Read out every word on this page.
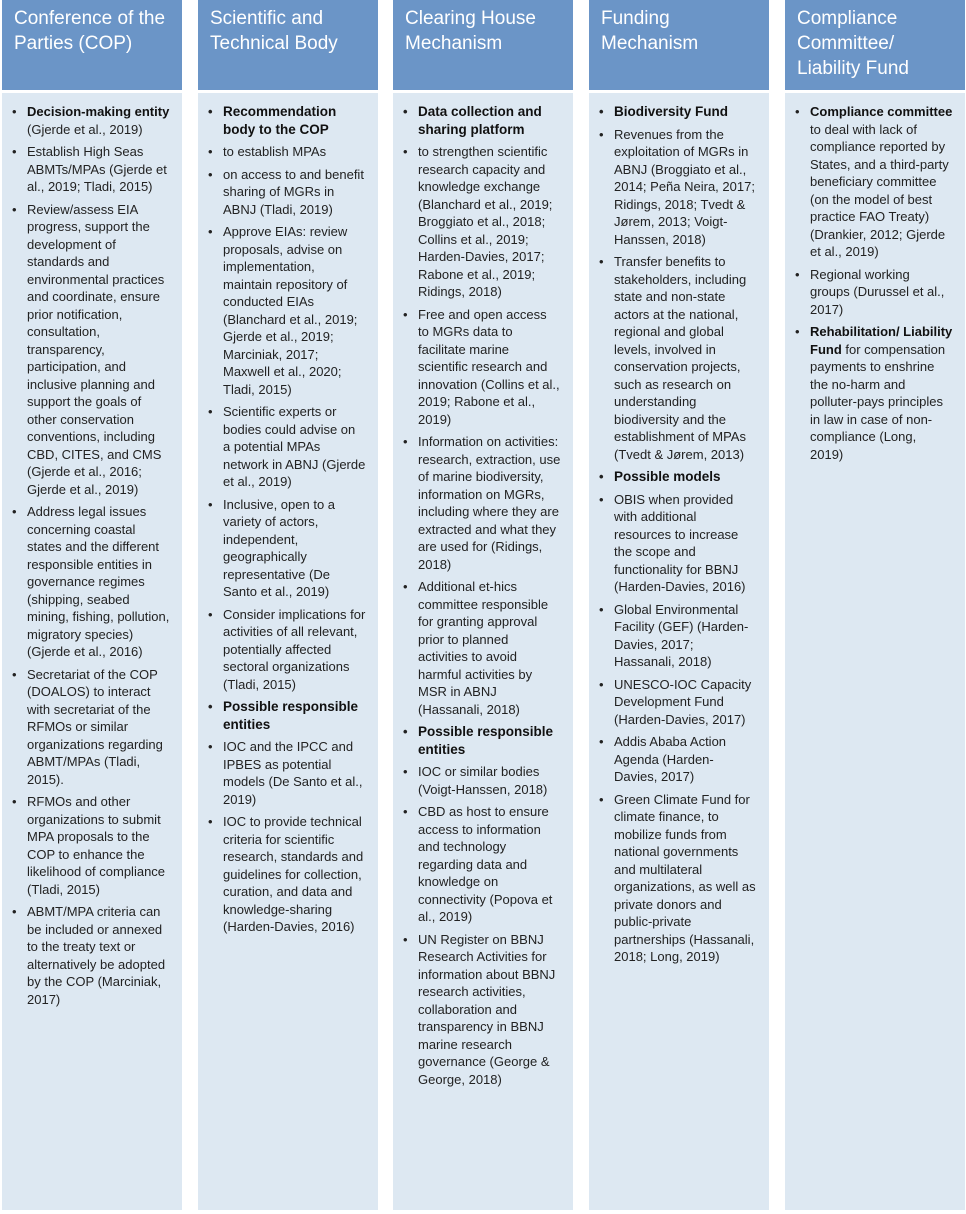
Conference of the Parties (COP)
• Decision-making entity (Gjerde et al., 2019)
• Establish High Seas ABMTs/MPAs (Gjerde et al., 2019; Tladi, 2015)
• Review/assess EIA progress, support the development of standards and environmental practices and coordinate, ensure prior notification, consultation, transparency, participation, and inclusive planning and support the goals of other conservation conventions, including CBD, CITES, and CMS (Gjerde et al., 2016; Gjerde et al., 2019)
• Address legal issues concerning coastal states and the different responsible entities in governance regimes (shipping, seabed mining, fishing, pollution, migratory species) (Gjerde et al., 2016)
• Secretariat of the COP (DOALOS) to interact with secretariat of the RFMOs or similar organizations regarding ABMT/MPAs (Tladi, 2015).
• RFMOs and other organizations to submit MPA proposals to the COP to enhance the likelihood of compliance (Tladi, 2015)
• ABMT/MPA criteria can be included or annexed to the treaty text or alternatively be adopted by the COP (Marciniak, 2017)
Scientific and Technical Body
• Recommendation body to the COP
• to establish MPAs
• on access to and benefit sharing of MGRs in ABNJ (Tladi, 2019)
• Approve EIAs: review proposals, advise on implementation, maintain repository of conducted EIAs (Blanchard et al., 2019; Gjerde et al., 2019; Marciniak, 2017; Maxwell et al., 2020; Tladi, 2015)
• Scientific experts or bodies could advise on a potential MPAs network in ABNJ (Gjerde et al., 2019)
• Inclusive, open to a variety of actors, independent, geographically representative (De Santo et al., 2019)
• Consider implications for activities of all relevant, potentially affected sectoral organizations (Tladi, 2015)
• Possible responsible entities
• IOC and the IPCC and IPBES as potential models (De Santo et al., 2019)
• IOC to provide technical criteria for scientific research, standards and guidelines for collection, curation, and data and knowledge-sharing (Harden-Davies, 2016)
Clearing House Mechanism
• Data collection and sharing platform
• to strengthen scientific research capacity and knowledge exchange (Blanchard et al., 2019; Broggiato et al., 2018; Collins et al., 2019; Harden-Davies, 2017; Rabone et al., 2019; Ridings, 2018)
• Free and open access to MGRs data to facilitate marine scientific research and innovation (Collins et al., 2019; Rabone et al., 2019)
• Information on activities: research, extraction, use of marine biodiversity, information on MGRs, including where they are extracted and what they are used for (Ridings, 2018)
• Additional et-hics committee responsible for granting approval prior to planned activities to avoid harmful activities by MSR in ABNJ (Hassanali, 2018)
• Possible responsible entities
• IOC or similar bodies (Voigt-Hanssen, 2018)
• CBD as host to ensure access to information and technology regarding data and knowledge on connectivity (Popova et al., 2019)
• UN Register on BBNJ Research Activities for information about BBNJ research activities, collaboration and transparency in BBNJ marine research governance (George & George, 2018)
Funding Mechanism
• Biodiversity Fund
• Revenues from the exploitation of MGRs in ABNJ (Broggiato et al., 2014; Peña Neira, 2017; Ridings, 2018; Tvedt & Jørem, 2013; Voigt-Hanssen, 2018)
• Transfer benefits to stakeholders, including state and non-state actors at the national, regional and global levels, involved in conservation projects, such as research on understanding biodiversity and the establishment of MPAs (Tvedt & Jørem, 2013)
• Possible models
• OBIS when provided with additional resources to increase the scope and functionality for BBNJ (Harden-Davies, 2016)
• Global Environmental Facility (GEF) (Harden-Davies, 2017; Hassanali, 2018)
• UNESCO-IOC Capacity Development Fund (Harden-Davies, 2017)
• Addis Ababa Action Agenda (Harden-Davies, 2017)
• Green Climate Fund for climate finance, to mobilize funds from national governments and multilateral organizations, as well as private donors and public-private partnerships (Hassanali, 2018; Long, 2019)
Compliance Committee/ Liability Fund
• Compliance committee to deal with lack of compliance reported by States, and a third-party beneficiary committee (on the model of best practice FAO Treaty) (Drankier, 2012; Gjerde et al., 2019)
• Regional working groups (Durussel et al., 2017)
• Rehabilitation/ Liability Fund for compensation payments to enshrine the no-harm and polluter-pays principles in law in case of non-compliance (Long, 2019)
